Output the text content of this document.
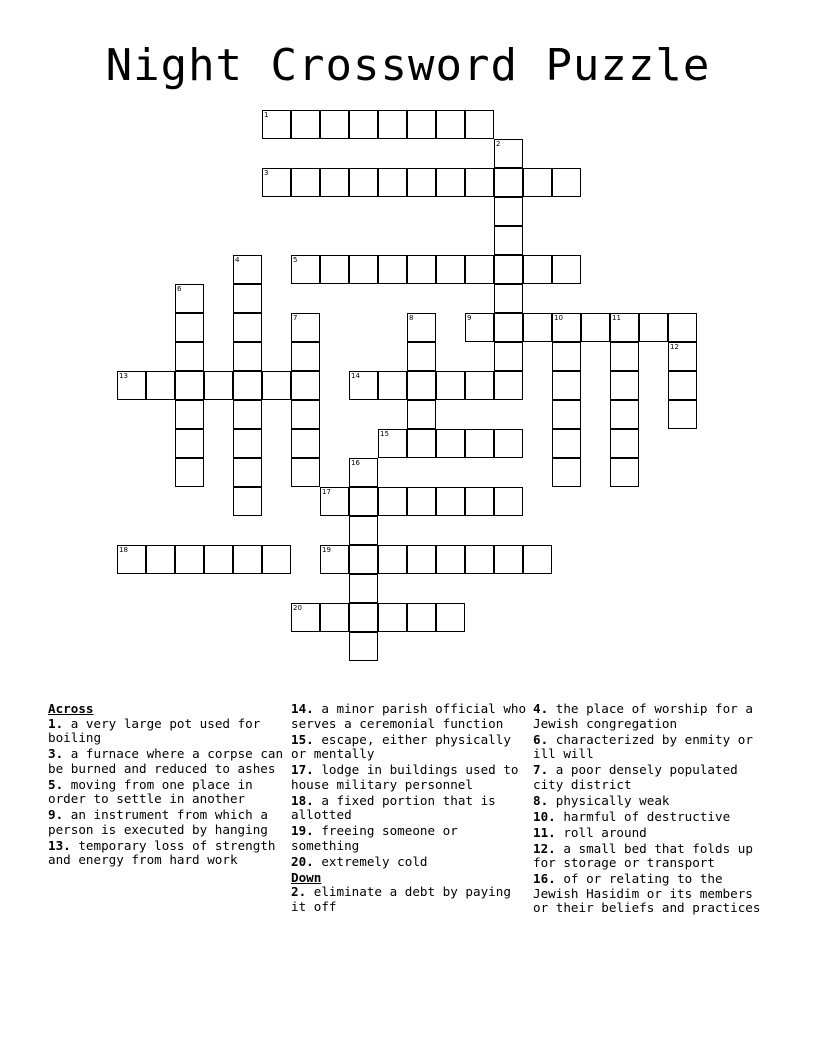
Night Crossword Puzzle
1
2
3
4	5
6
7	8	9	10	11
12
13	14
15
16
17
18	19
20
Across
1. a very large pot used for boiling
3. a furnace where a corpse can be burned and reduced to ashes
5. moving from one place in order to settle in another
9. an instrument from which a person is executed by hanging
13. temporary loss of strength and energy from hard work
14. a minor parish official who serves a ceremonial function
15. escape, either physically or mentally
17. lodge in buildings used to house military personnel
18. a fixed portion that is allotted
19. freeing someone or something
20. extremely cold
Down
2. eliminate a debt by paying it off
4. the place of worship for a Jewish congregation
6. characterized by enmity or ill will
7. a poor densely populated city district
8. physically weak
10. harmful of destructive
11. roll around
12. a small bed that folds up for storage or transport
16. of or relating to the Jewish Hasidim or its members or their beliefs and practices
